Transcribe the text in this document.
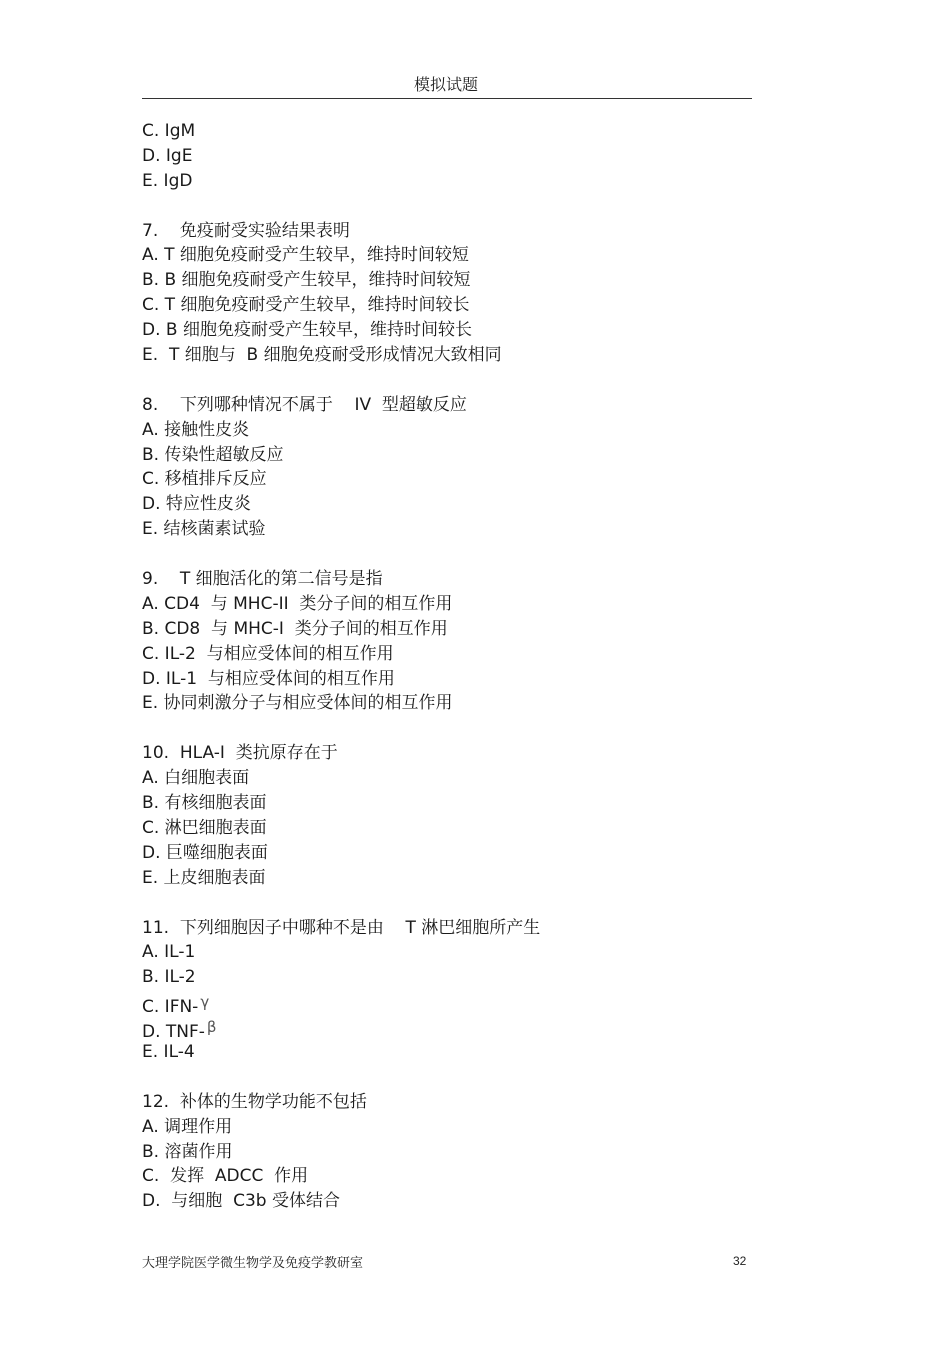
模拟试题
C. IgM
D. IgE
E. IgD
7.    免疫耐受实验结果表明
A. T 细胞免疫耐受产生较早，维持时间较短
B. B 细胞免疫耐受产生较早，维持时间较短
C. T 细胞免疫耐受产生较早，维持时间较长
D. B 细胞免疫耐受产生较早，维持时间较长
E.  T 细胞与  B 细胞免疫耐受形成情况大致相同
8.    下列哪种情况不属于    IV  型超敏反应
A. 接触性皮炎
B. 传染性超敏反应
C. 移植排斥反应
D. 特应性皮炎
E. 结核菌素试验
9.    T 细胞活化的第二信号是指
A. CD4  与 MHC-II  类分子间的相互作用
B. CD8  与 MHC-I  类分子间的相互作用
C. IL-2  与相应受体间的相互作用
D. IL-1  与相应受体间的相互作用
E. 协同刺激分子与相应受体间的相互作用
10.  HLA-I  类抗原存在于
A. 白细胞表面
B. 有核细胞表面
C. 淋巴细胞表面
D. 巨噬细胞表面
E. 上皮细胞表面
11.  下列细胞因子中哪种不是由    T 淋巴细胞所产生
A. IL-1
B. IL-2
C. IFN- γ
D. TNF- β
E. IL-4
12.  补体的生物学功能不包括
A. 调理作用
B. 溶菌作用
C.  发挥  ADCC  作用
D.  与细胞  C3b 受体结合
大理学院医学微生物学及免疫学教研室	32
